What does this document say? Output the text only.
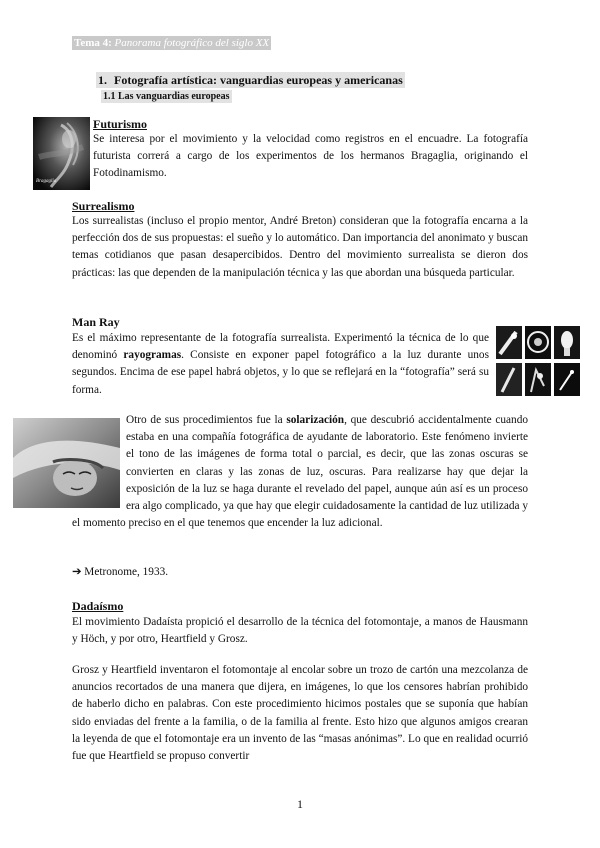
Tema 4: Panorama fotográfico del siglo XX
1. Fotografía artística: vanguardias europeas y americanas
1.1 Las vanguardias europeas
Bragaglia
Futurismo
Se interesa por el movimiento y la velocidad como registros en el encuadre. La fotografía futurista correrá a cargo de los experimentos de los hermanos Bragaglia, originando el Fotodinamismo.
Surrealismo
Los surrealistas (incluso el propio mentor, André Breton) consideran que la fotografía encarna a la perfección dos de sus propuestas: el sueño y lo automático. Dan importancia del anonimato y buscan temas cotidianos que pasan desapercibidos. Dentro del movimiento surrealista se dieron dos prácticas: las que dependen de la manipulación técnica y las que abordan una búsqueda particular.
Man Ray
Es el máximo representante de la fotografía surrealista. Experimentó la técnica de lo que denominó rayogramas. Consiste en exponer papel fotográfico a la luz durante unos segundos. Encima de ese papel habrá objetos, y lo que se reflejará en la “fotografía” será su forma.
Otro de sus procedimientos fue la solarización, que descubrió accidentalmente cuando estaba en una compañía fotográfica de ayudante de laboratorio. Este fenómeno invierte el tono de las imágenes de forma total o parcial, es decir, que las zonas oscuras se convierten en claras y las zonas de luz, oscuras. Para realizarse hay que dejar la exposición de la luz se haga durante el revelado del papel, aunque aún así es un proceso era algo complicado, ya que hay que elegir cuidadosamente la cantidad de luz utilizada y el momento preciso en el que tenemos que encender la luz adicional.
➔ Metronome, 1933.
Dadaísmo
El movimiento Dadaísta propició el desarrollo de la técnica del fotomontaje, a manos de Hausmann y Höch, y por otro, Heartfield y Grosz.
Grosz y Heartfield inventaron el fotomontaje al encolar sobre un trozo de cartón una mezcolanza de anuncios recortados de una manera que dijera, en imágenes, lo que los censores habrían prohibido de haberlo dicho en palabras. Con este procedimiento hicimos postales que se suponía que habían sido enviadas del frente a la familia, o de la familia al frente. Esto hizo que algunos amigos crearan la leyenda de que el fotomontaje era un invento de las “masas anónimas”. Lo que en realidad ocurrió fue que Heartfield se propuso convertir
1
